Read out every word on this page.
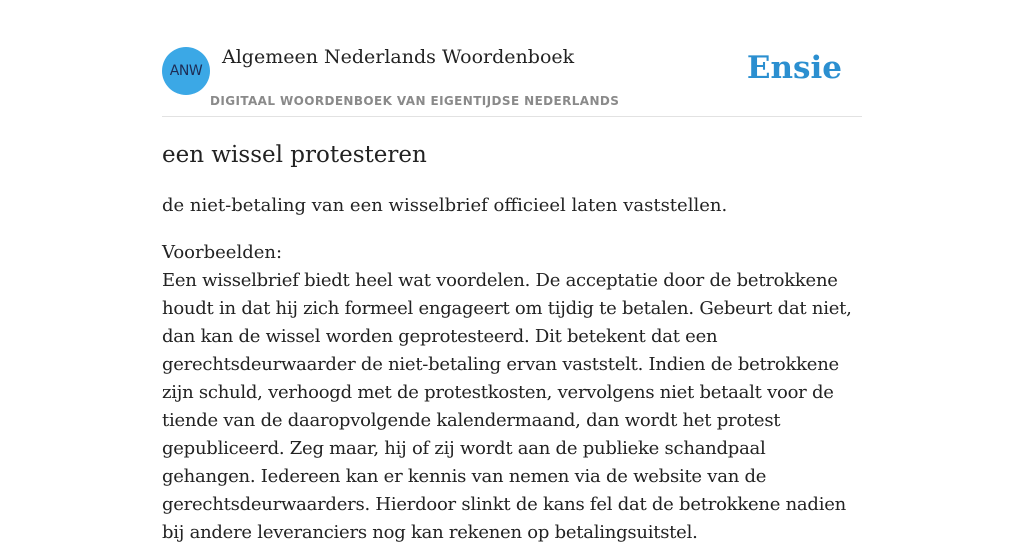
ANW
Algemeen Nederlands Woordenboek
DIGITAAL WOORDENBOEK VAN EIGENTIJDSE NEDERLANDS
Ensie
een wissel protesteren

de niet-betaling van een wisselbrief officieel laten vaststellen.

Voorbeelden:

Een wisselbrief biedt heel wat voordelen. De acceptatie door de betrokkene houdt in dat hij zich formeel engageert om tijdig te betalen. Gebeurt dat niet, dan kan de wissel worden geprotesteerd. Dit betekent dat een gerechtsdeurwaarder de niet-betaling ervan vaststelt. Indien de betrokkene zijn schuld, verhoogd met de protestkosten, vervolgens niet betaalt voor de tiende van de daaropvolgende kalendermaand, dan wordt het protest gepubliceerd. Zeg maar, hij of zij wordt aan de publieke schandpaal gehangen. Iedereen kan er kennis van nemen via de website van de gerechtsdeurwaarders. Hierdoor slinkt de kans fel dat de betrokkene nadien bij andere leveranciers nog kan rekenen op betalingsuitstel.
